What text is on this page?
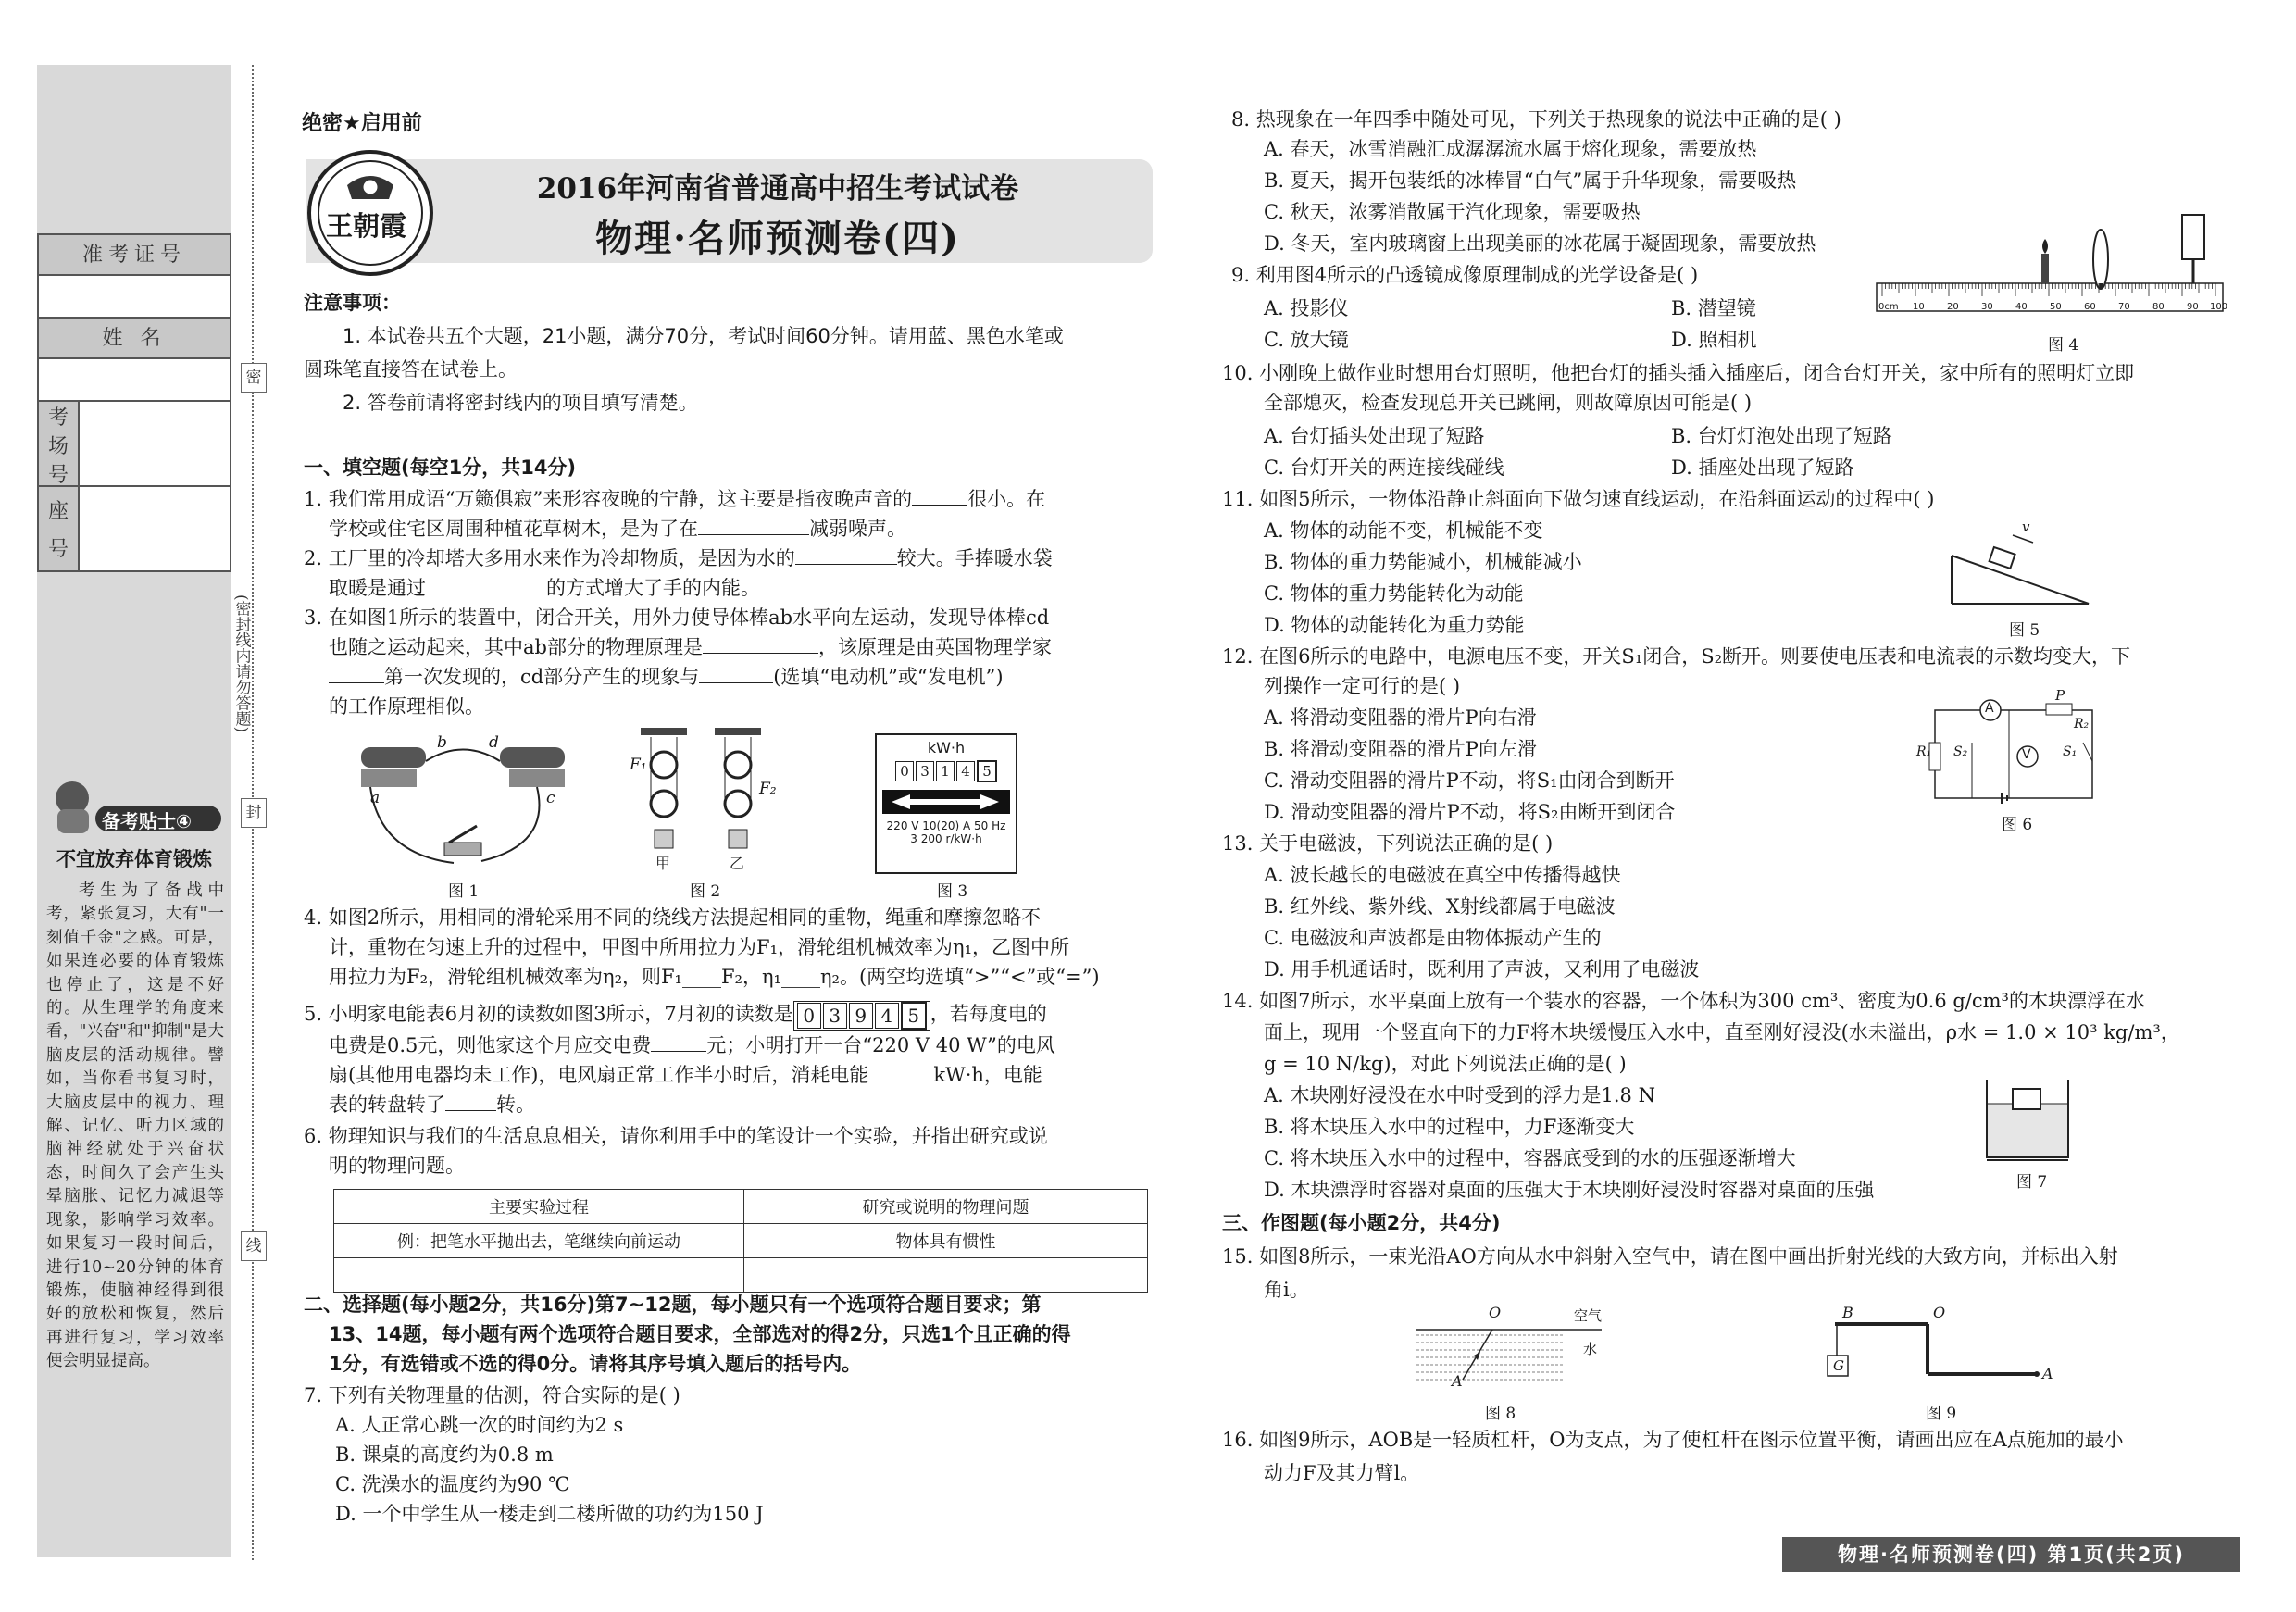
准考证号
姓 名
考
场
号
座
号
密
(密封线内请勿答题)
封
线
备考贴士④
不宜放弃体育锻炼
考生为了备战中考，紧张复习，大有"一刻值千金"之感。可是，如果连必要的体育锻炼也停止了，这是不好的。从生理学的角度来看，"兴奋"和"抑制"是大脑皮层的活动规律。譬如，当你看书复习时，大脑皮层中的视力、理解、记忆、听力区域的脑神经就处于兴奋状态，时间久了会产生头晕脑胀、记忆力减退等现象，影响学习效率。如果复习一段时间后，进行10~20分钟的体育锻炼，使脑神经得到很好的放松和恢复，然后再进行复习，学习效率便会明显提高。
绝密★启用前
王朝霞
2016年河南省普通高中招生考试试卷
物理·名师预测卷(四)
注意事项：
1. 本试卷共五个大题，21小题，满分70分，考试时间60分钟。请用蓝、黑色水笔或
圆珠笔直接答在试卷上。
2. 答卷前请将密封线内的项目填写清楚。
一、填空题(每空1分，共14分)
1. 我们常用成语“万籁俱寂”来形容夜晚的宁静，这主要是指夜晚声音的	很小。在
学校或住宅区周围种植花草树木，是为了在	减弱噪声。
2. 工厂里的冷却塔大多用水来作为冷却物质，是因为水的	较大。手捧暖水袋
取暖是通过	的方式增大了手的内能。
3. 在如图1所示的装置中，闭合开关，用外力使导体棒ab水平向左运动，发现导体棒cd
也随之运动起来，其中ab部分的物理原理是	，该原理是由英国物理学家
第一次发现的，cd部分产生的现象与	(选填“电动机”或“发电机”)
的工作原理相似。
a
b
c
d
图 1
F₁
F₂
甲	乙
图 2
kW·h
0 3 1 4 5
220 V 10(20) A 50 Hz
3 200 r/kW·h
图 3
4. 如图2所示，用相同的滑轮采用不同的绕线方法提起相同的重物，绳重和摩擦忽略不
计，重物在匀速上升的过程中，甲图中所用拉力为F₁，滑轮组机械效率为η₁，乙图中所
用拉力为F₂，滑轮组机械效率为η₂，则F₁____F₂，η₁____η₂。(两空均选填“>”“<”或“=”)
5. 小明家电能表6月初的读数如图3所示，7月初的读数是 0 3 9 4 5 ，若每度电的
电费是0.5元，则他家这个月应交电费	元；小明打开一台“220 V 40 W”的电风
扇(其他用电器均未工作)，电风扇正常工作半小时后，消耗电能	kW·h，电能
表的转盘转了	转。
6. 物理知识与我们的生活息息相关，请你利用手中的笔设计一个实验，并指出研究或说
明的物理问题。
主要实验过程	研究或说明的物理问题
例：把笔水平抛出去，笔继续向前运动	物体具有惯性

二、选择题(每小题2分，共16分)第7~12题，每小题只有一个选项符合题目要求；第
13、14题，每小题有两个选项符合题目要求，全部选对的得2分，只选1个且正确的得
1分，有选错或不选的得0分。请将其序号填入题后的括号内。
7. 下列有关物理量的估测，符合实际的是( )
A. 人正常心跳一次的时间约为2 s
B. 课桌的高度约为0.8 m
C. 洗澡水的温度约为90 ℃
D. 一个中学生从一楼走到二楼所做的功约为150 J
8. 热现象在一年四季中随处可见，下列关于热现象的说法中正确的是( )
A. 春天，冰雪消融汇成潺潺流水属于熔化现象，需要放热
B. 夏天，揭开包装纸的冰棒冒“白气”属于升华现象，需要吸热
C. 秋天，浓雾消散属于汽化现象，需要吸热
D. 冬天，室内玻璃窗上出现美丽的冰花属于凝固现象，需要放热
9. 利用图4所示的凸透镜成像原理制成的光学设备是( )
A. 投影仪	B. 潜望镜
C. 放大镜	D. 照相机
0cm 10 20 30 40 50 60 70 80 90 100
图 4
10. 小刚晚上做作业时想用台灯照明，他把台灯的插头插入插座后，闭合台灯开关，家中所有的照明灯立即
全部熄灭，检查发现总开关已跳闸，则故障原因可能是( )
A. 台灯插头处出现了短路	B. 台灯灯泡处出现了短路
C. 台灯开关的两连接线碰线	D. 插座处出现了短路
11. 如图5所示，一物体沿静止斜面向下做匀速直线运动，在沿斜面运动的过程中( )
A. 物体的动能不变，机械能不变
B. 物体的重力势能减小，机械能减小
C. 物体的重力势能转化为动能
D. 物体的动能转化为重力势能
v
图 5
12. 在图6所示的电路中，电源电压不变，开关S₁闭合，S₂断开。则要使电压表和电流表的示数均变大，下
列操作一定可行的是( )
A. 将滑动变阻器的滑片P向右滑
B. 将滑动变阻器的滑片P向左滑
C. 滑动变阻器的滑片P不动，将S₁由闭合到断开
D. 滑动变阻器的滑片P不动，将S₂由断开到闭合
A
V
P
R₂
R₁ S₂	S₁
图 6
13. 关于电磁波，下列说法正确的是( )
A. 波长越长的电磁波在真空中传播得越快
B. 红外线、紫外线、X射线都属于电磁波
C. 电磁波和声波都是由物体振动产生的
D. 用手机通话时，既利用了声波，又利用了电磁波
14. 如图7所示，水平桌面上放有一个装水的容器，一个体积为300 cm³、密度为0.6 g/cm³的木块漂浮在水
面上，现用一个竖直向下的力F将木块缓慢压入水中，直至刚好浸没(水未溢出，ρ水 = 1.0 × 10³ kg/m³，
g = 10 N/kg)，对此下列说法正确的是( )
A. 木块刚好浸没在水中时受到的浮力是1.8 N
B. 将木块压入水中的过程中，力F逐渐变大
C. 将木块压入水中的过程中，容器底受到的水的压强逐渐增大
D. 木块漂浮时容器对桌面的压强大于木块刚好浸没时容器对桌面的压强	图 7
三、作图题(每小题2分，共4分)
15. 如图8所示，一束光沿AO方向从水中斜射入空气中，请在图中画出折射光线的大致方向，并标出入射
角i。
O	空气
水
A
图 8
B	O
G	A
图 9
16. 如图9所示，AOB是一轻质杠杆，O为支点，为了使杠杆在图示位置平衡，请画出应在A点施加的最小
动力F及其力臂l。
物理·名师预测卷(四) 第1页(共2页)
